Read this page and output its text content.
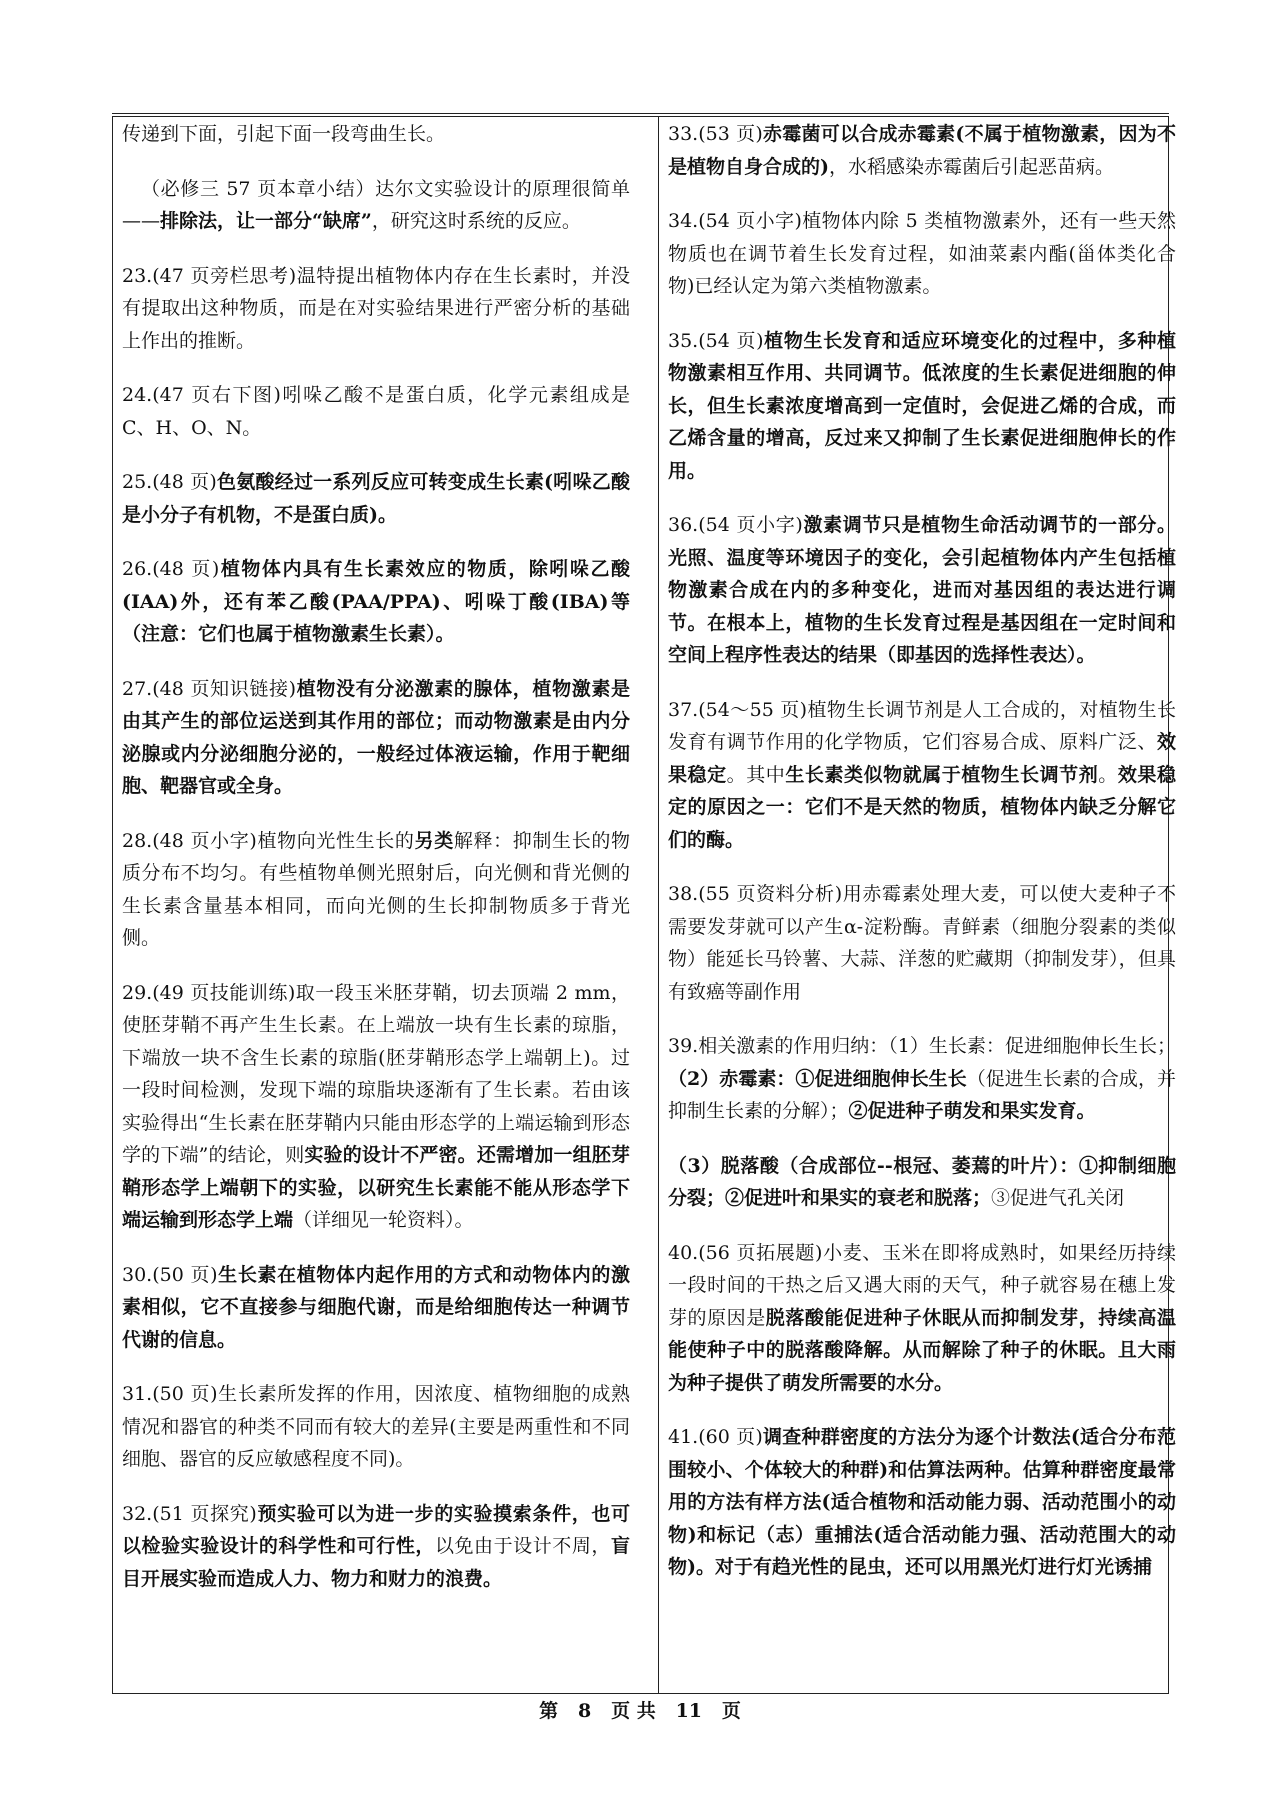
传递到下面，引起下面一段弯曲生长。

（必修三 57 页本章小结）达尔文实验设计的原理很简单——排除法，让一部分“缺席”，研究这时系统的反应。

23.(47 页旁栏思考)温特提出植物体内存在生长素时，并没有提取出这种物质，而是在对实验结果进行严密分析的基础上作出的推断。

24.(47 页右下图)吲哚乙酸不是蛋白质，化学元素组成是 C、H、O、N。

25.(48 页)色氨酸经过一系列反应可转变成生长素(吲哚乙酸是小分子有机物，不是蛋白质)。

26.(48 页)植物体内具有生长素效应的物质，除吲哚乙酸(IAA)外，还有苯乙酸(PAA/PPA)、吲哚丁酸(IBA)等（注意：它们也属于植物激素生长素）。

27.(48 页知识链接)植物没有分泌激素的腺体，植物激素是由其产生的部位运送到其作用的部位；而动物激素是由内分泌腺或内分泌细胞分泌的，一般经过体液运输，作用于靶细胞、靶器官或全身。

28.(48 页小字)植物向光性生长的另类解释：抑制生长的物质分布不均匀。有些植物单侧光照射后，向光侧和背光侧的生长素含量基本相同，而向光侧的生长抑制物质多于背光侧。

29.(49 页技能训练)取一段玉米胚芽鞘，切去顶端 2 mm，使胚芽鞘不再产生生长素。在上端放一块有生长素的琼脂，下端放一块不含生长素的琼脂(胚芽鞘形态学上端朝上)。过一段时间检测，发现下端的琼脂块逐渐有了生长素。若由该实验得出“生长素在胚芽鞘内只能由形态学的上端运输到形态学的下端”的结论，则实验的设计不严密。还需增加一组胚芽鞘形态学上端朝下的实验，以研究生长素能不能从形态学下端运输到形态学上端（详细见一轮资料）。

30.(50 页)生长素在植物体内起作用的方式和动物体内的激素相似，它不直接参与细胞代谢，而是给细胞传达一种调节代谢的信息。

31.(50 页)生长素所发挥的作用，因浓度、植物细胞的成熟情况和器官的种类不同而有较大的差异(主要是两重性和不同细胞、器官的反应敏感程度不同)。

32.(51 页探究)预实验可以为进一步的实验摸索条件，也可以检验实验设计的科学性和可行性，以免由于设计不周，盲目开展实验而造成人力、物力和财力的浪费。

33.(53 页)赤霉菌可以合成赤霉素(不属于植物激素，因为不是植物自身合成的)，水稻感染赤霉菌后引起恶苗病。

34.(54 页小字)植物体内除 5 类植物激素外，还有一些天然物质也在调节着生长发育过程，如油菜素内酯(甾体类化合物)已经认定为第六类植物激素。

35.(54 页)植物生长发育和适应环境变化的过程中，多种植物激素相互作用、共同调节。低浓度的生长素促进细胞的伸长，但生长素浓度增高到一定值时，会促进乙烯的合成，而乙烯含量的增高，反过来又抑制了生长素促进细胞伸长的作用。

36.(54 页小字)激素调节只是植物生命活动调节的一部分。光照、温度等环境因子的变化，会引起植物体内产生包括植物激素合成在内的多种变化，进而对基因组的表达进行调节。在根本上，植物的生长发育过程是基因组在一定时间和空间上程序性表达的结果（即基因的选择性表达）。

37.(54～55 页)植物生长调节剂是人工合成的，对植物生长发育有调节作用的化学物质，它们容易合成、原料广泛、效果稳定。其中生长素类似物就属于植物生长调节剂。效果稳定的原因之一：它们不是天然的物质，植物体内缺乏分解它们的酶。

38.(55 页资料分析)用赤霉素处理大麦，可以使大麦种子不需要发芽就可以产生α-淀粉酶。青鲜素（细胞分裂素的类似物）能延长马铃薯、大蒜、洋葱的贮藏期（抑制发芽），但具有致癌等副作用

39.相关激素的作用归纳：（1）生长素：促进细胞伸长生长；（2）赤霉素：①促进细胞伸长生长（促进生长素的合成，并抑制生长素的分解）；②促进种子萌发和果实发育。

（3）脱落酸（合成部位--根冠、萎蔫的叶片）：①抑制细胞分裂；②促进叶和果实的衰老和脱落；③促进气孔关闭

40.(56 页拓展题)小麦、玉米在即将成熟时，如果经历持续一段时间的干热之后又遇大雨的天气，种子就容易在穗上发芽的原因是脱落酸能促进种子休眠从而抑制发芽，持续高温能使种子中的脱落酸降解。从而解除了种子的休眠。且大雨为种子提供了萌发所需要的水分。

41.(60 页)调查种群密度的方法分为逐个计数法(适合分布范围较小、个体较大的种群)和估算法两种。估算种群密度最常用的方法有样方法(适合植物和活动能力弱、活动范围小的动物)和标记（志）重捕法(适合活动能力强、活动范围大的动物)。对于有趋光性的昆虫，还可以用黑光灯进行灯光诱捕

第 8 页 共 11 页
